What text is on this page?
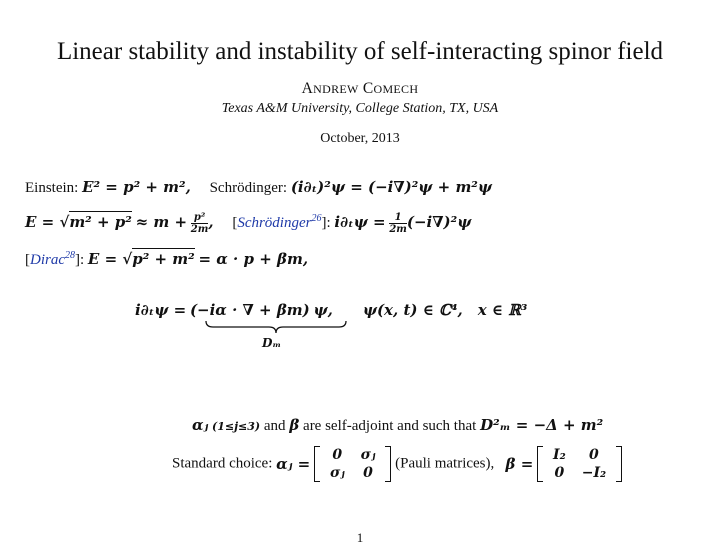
Linear stability and instability of self-interacting spinor field
ANDREW COMECH
Texas A&M University, College Station, TX, USA
October, 2013
Einstein: E² = p² + m², Schrödinger: (i∂ₜ)²ψ = (−i∇)²ψ + m²ψ
$E = √m^2 + p^2 \approx m + \frac{\text{p²}}{2m}$ , [Schrödinger$^{26}$]: $i\partial_t\psi = \frac{1}{2m} (-i\nabla)^2\psi$
[Dirac$^{28}$]: E = √p² + m² = α · p + βm,
i∂ₜψ = (−iα · ∇ + βm) ψ, ψ(x, t) ∈ ℂ⁴, x ∈ ℝ³
Dₘ
αⱼ (1≤j≤3) and β are self-adjoint and such that D²ₘ = −Δ + m²
Standard choice: αⱼ = 0	σⱼ
σⱼ	0
(Pauli matrices), β = I₂	0
0	−I₂
1
